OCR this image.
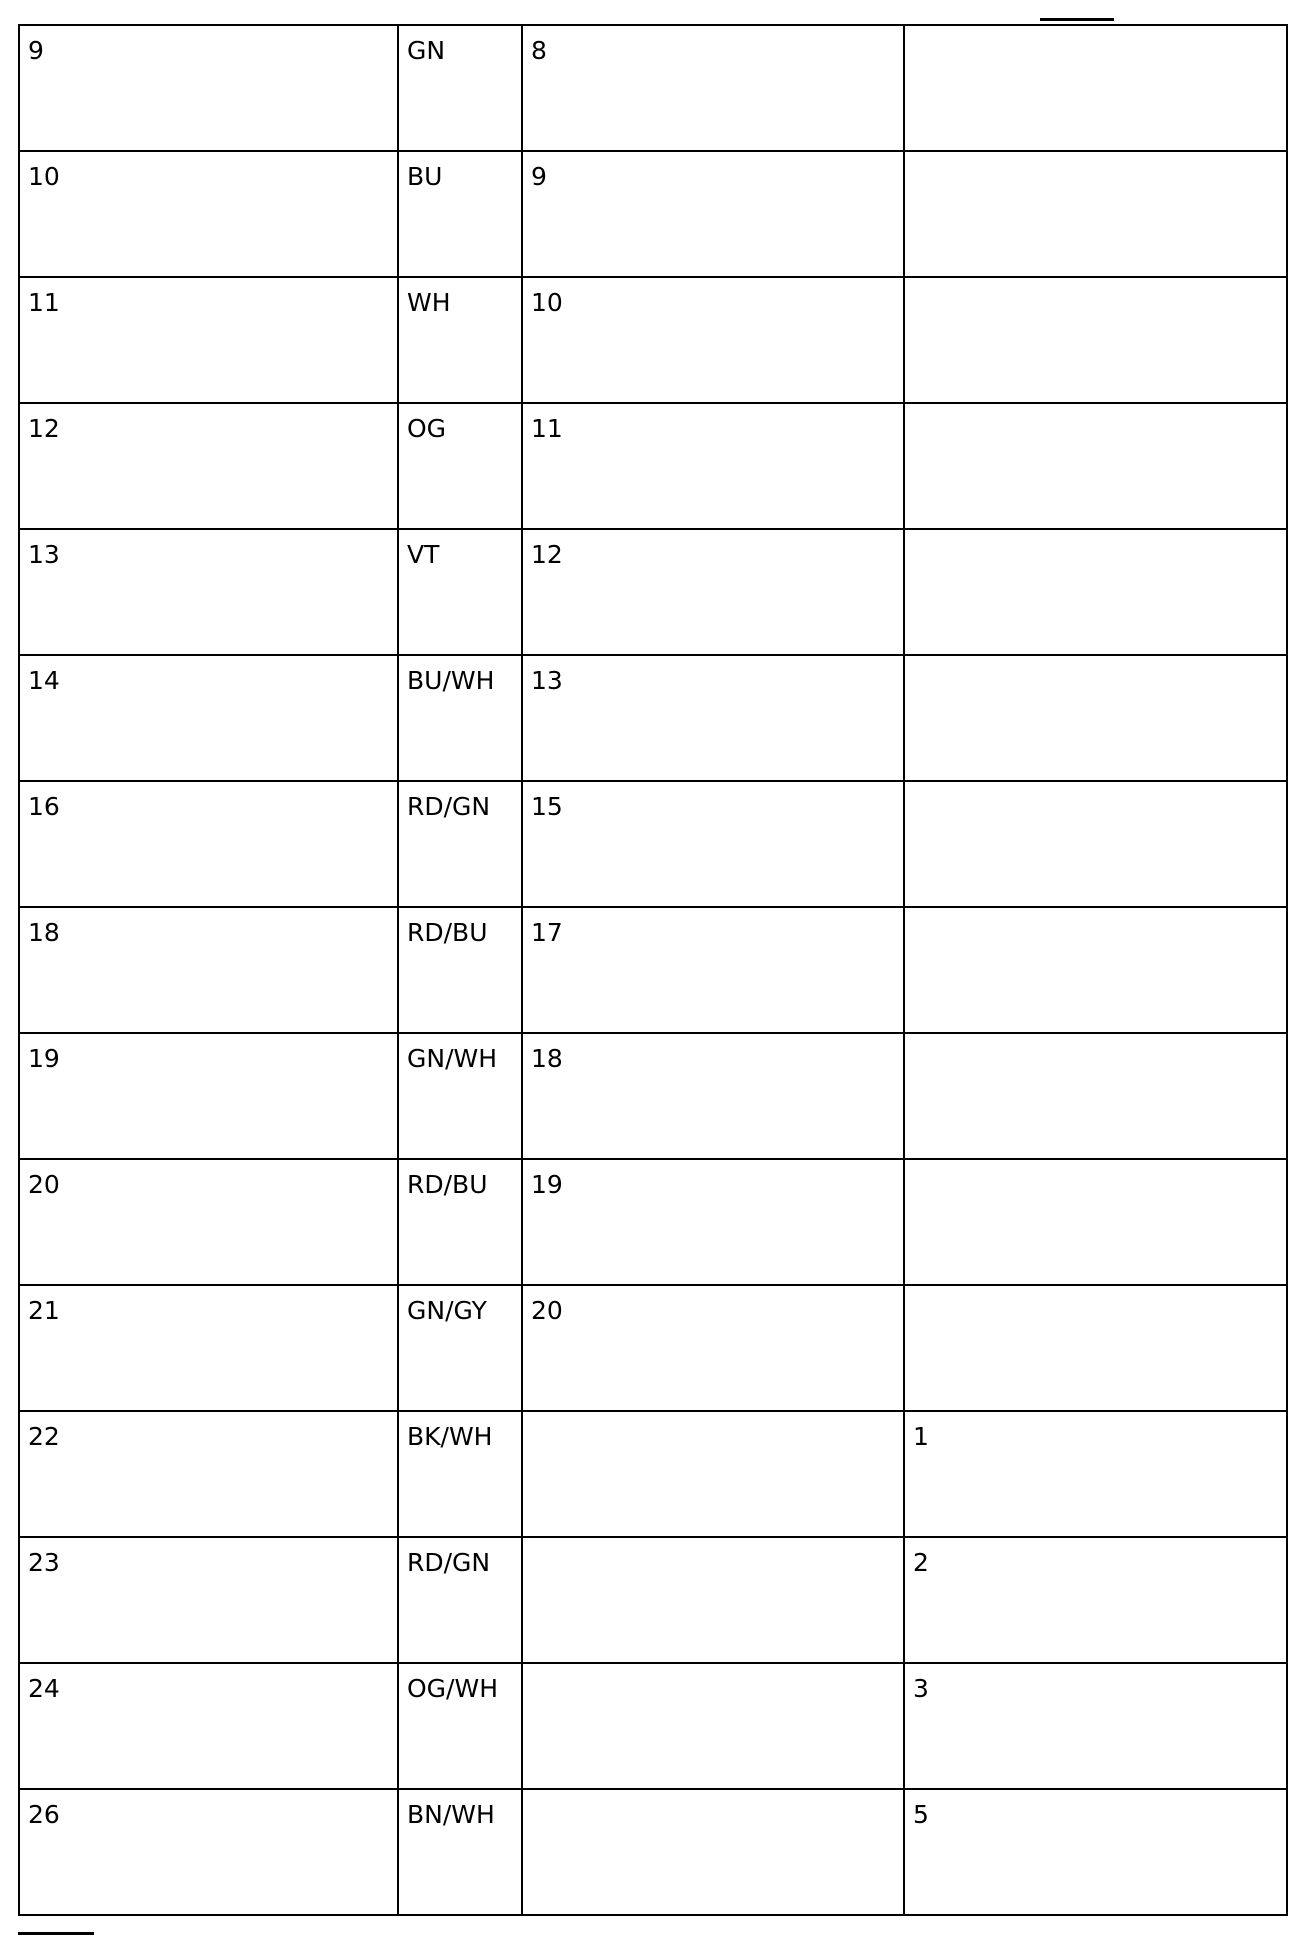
9	GN	8	
10	BU	9	
11	WH	10	
12	OG	11	
13	VT	12	
14	BU/WH	13	
16	RD/GN	15	
18	RD/BU	17	
19	GN/WH	18	
20	RD/BU	19	
21	GN/GY	20	
22	BK/WH		1
23	RD/GN		2
24	OG/WH		3
26	BN/WH		5
